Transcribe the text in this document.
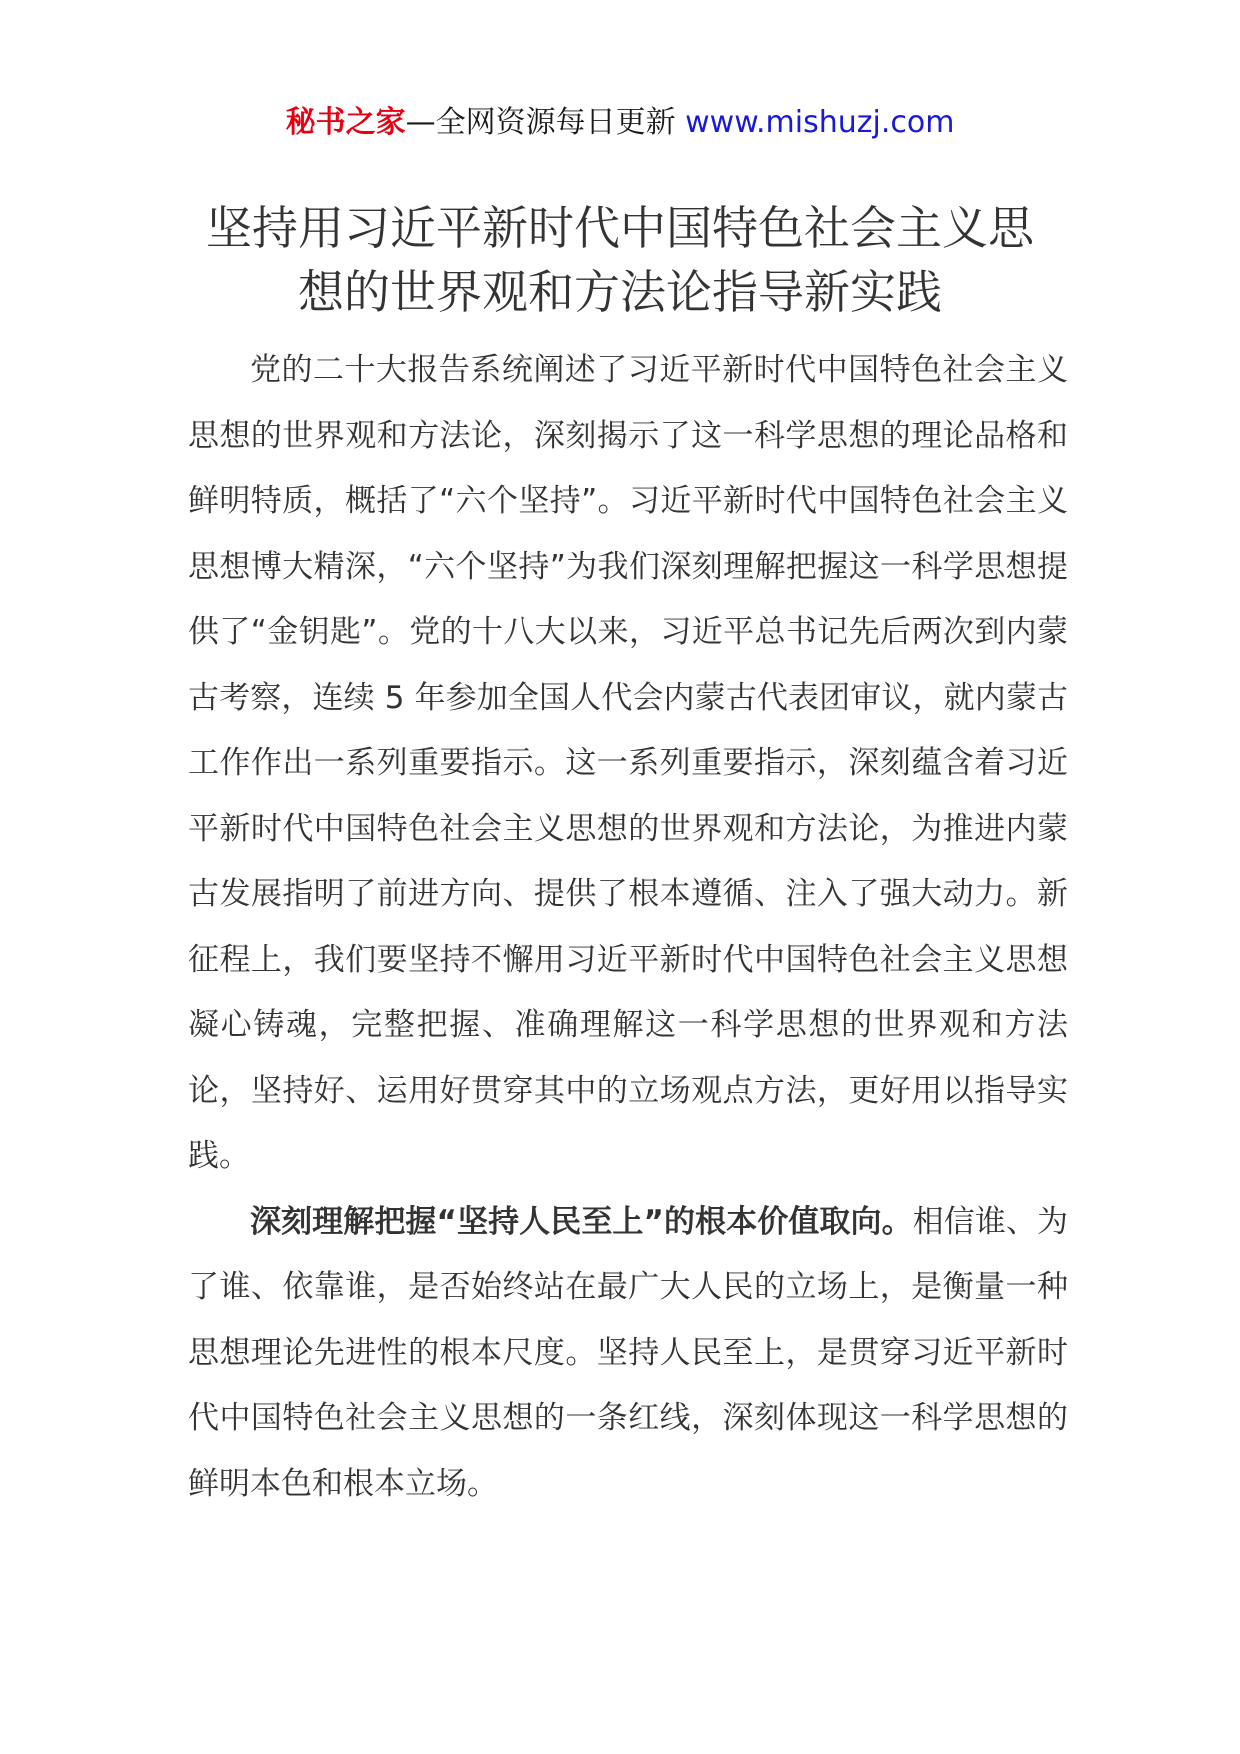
秘书之家—全网资源每日更新 www.mishuzj.com
坚持用习近平新时代中国特色社会主义思想的世界观和方法论指导新实践

党的二十大报告系统阐述了习近平新时代中国特色社会主义思想的世界观和方法论，深刻揭示了这一科学思想的理论品格和鲜明特质，概括了“六个坚持”。习近平新时代中国特色社会主义思想博大精深，“六个坚持”为我们深刻理解把握这一科学思想提供了“金钥匙”。党的十八大以来，习近平总书记先后两次到内蒙古考察，连续 5 年参加全国人代会内蒙古代表团审议，就内蒙古工作作出一系列重要指示。这一系列重要指示，深刻蕴含着习近平新时代中国特色社会主义思想的世界观和方法论，为推进内蒙古发展指明了前进方向、提供了根本遵循、注入了强大动力。新征程上，我们要坚持不懈用习近平新时代中国特色社会主义思想凝心铸魂，完整把握、准确理解这一科学思想的世界观和方法论，坚持好、运用好贯穿其中的立场观点方法，更好用以指导实践。

深刻理解把握“坚持人民至上”的根本价值取向。相信谁、为了谁、依靠谁，是否始终站在最广大人民的立场上，是衡量一种思想理论先进性的根本尺度。坚持人民至上，是贯穿习近平新时代中国特色社会主义思想的一条红线，深刻体现这一科学思想的鲜明本色和根本立场。
